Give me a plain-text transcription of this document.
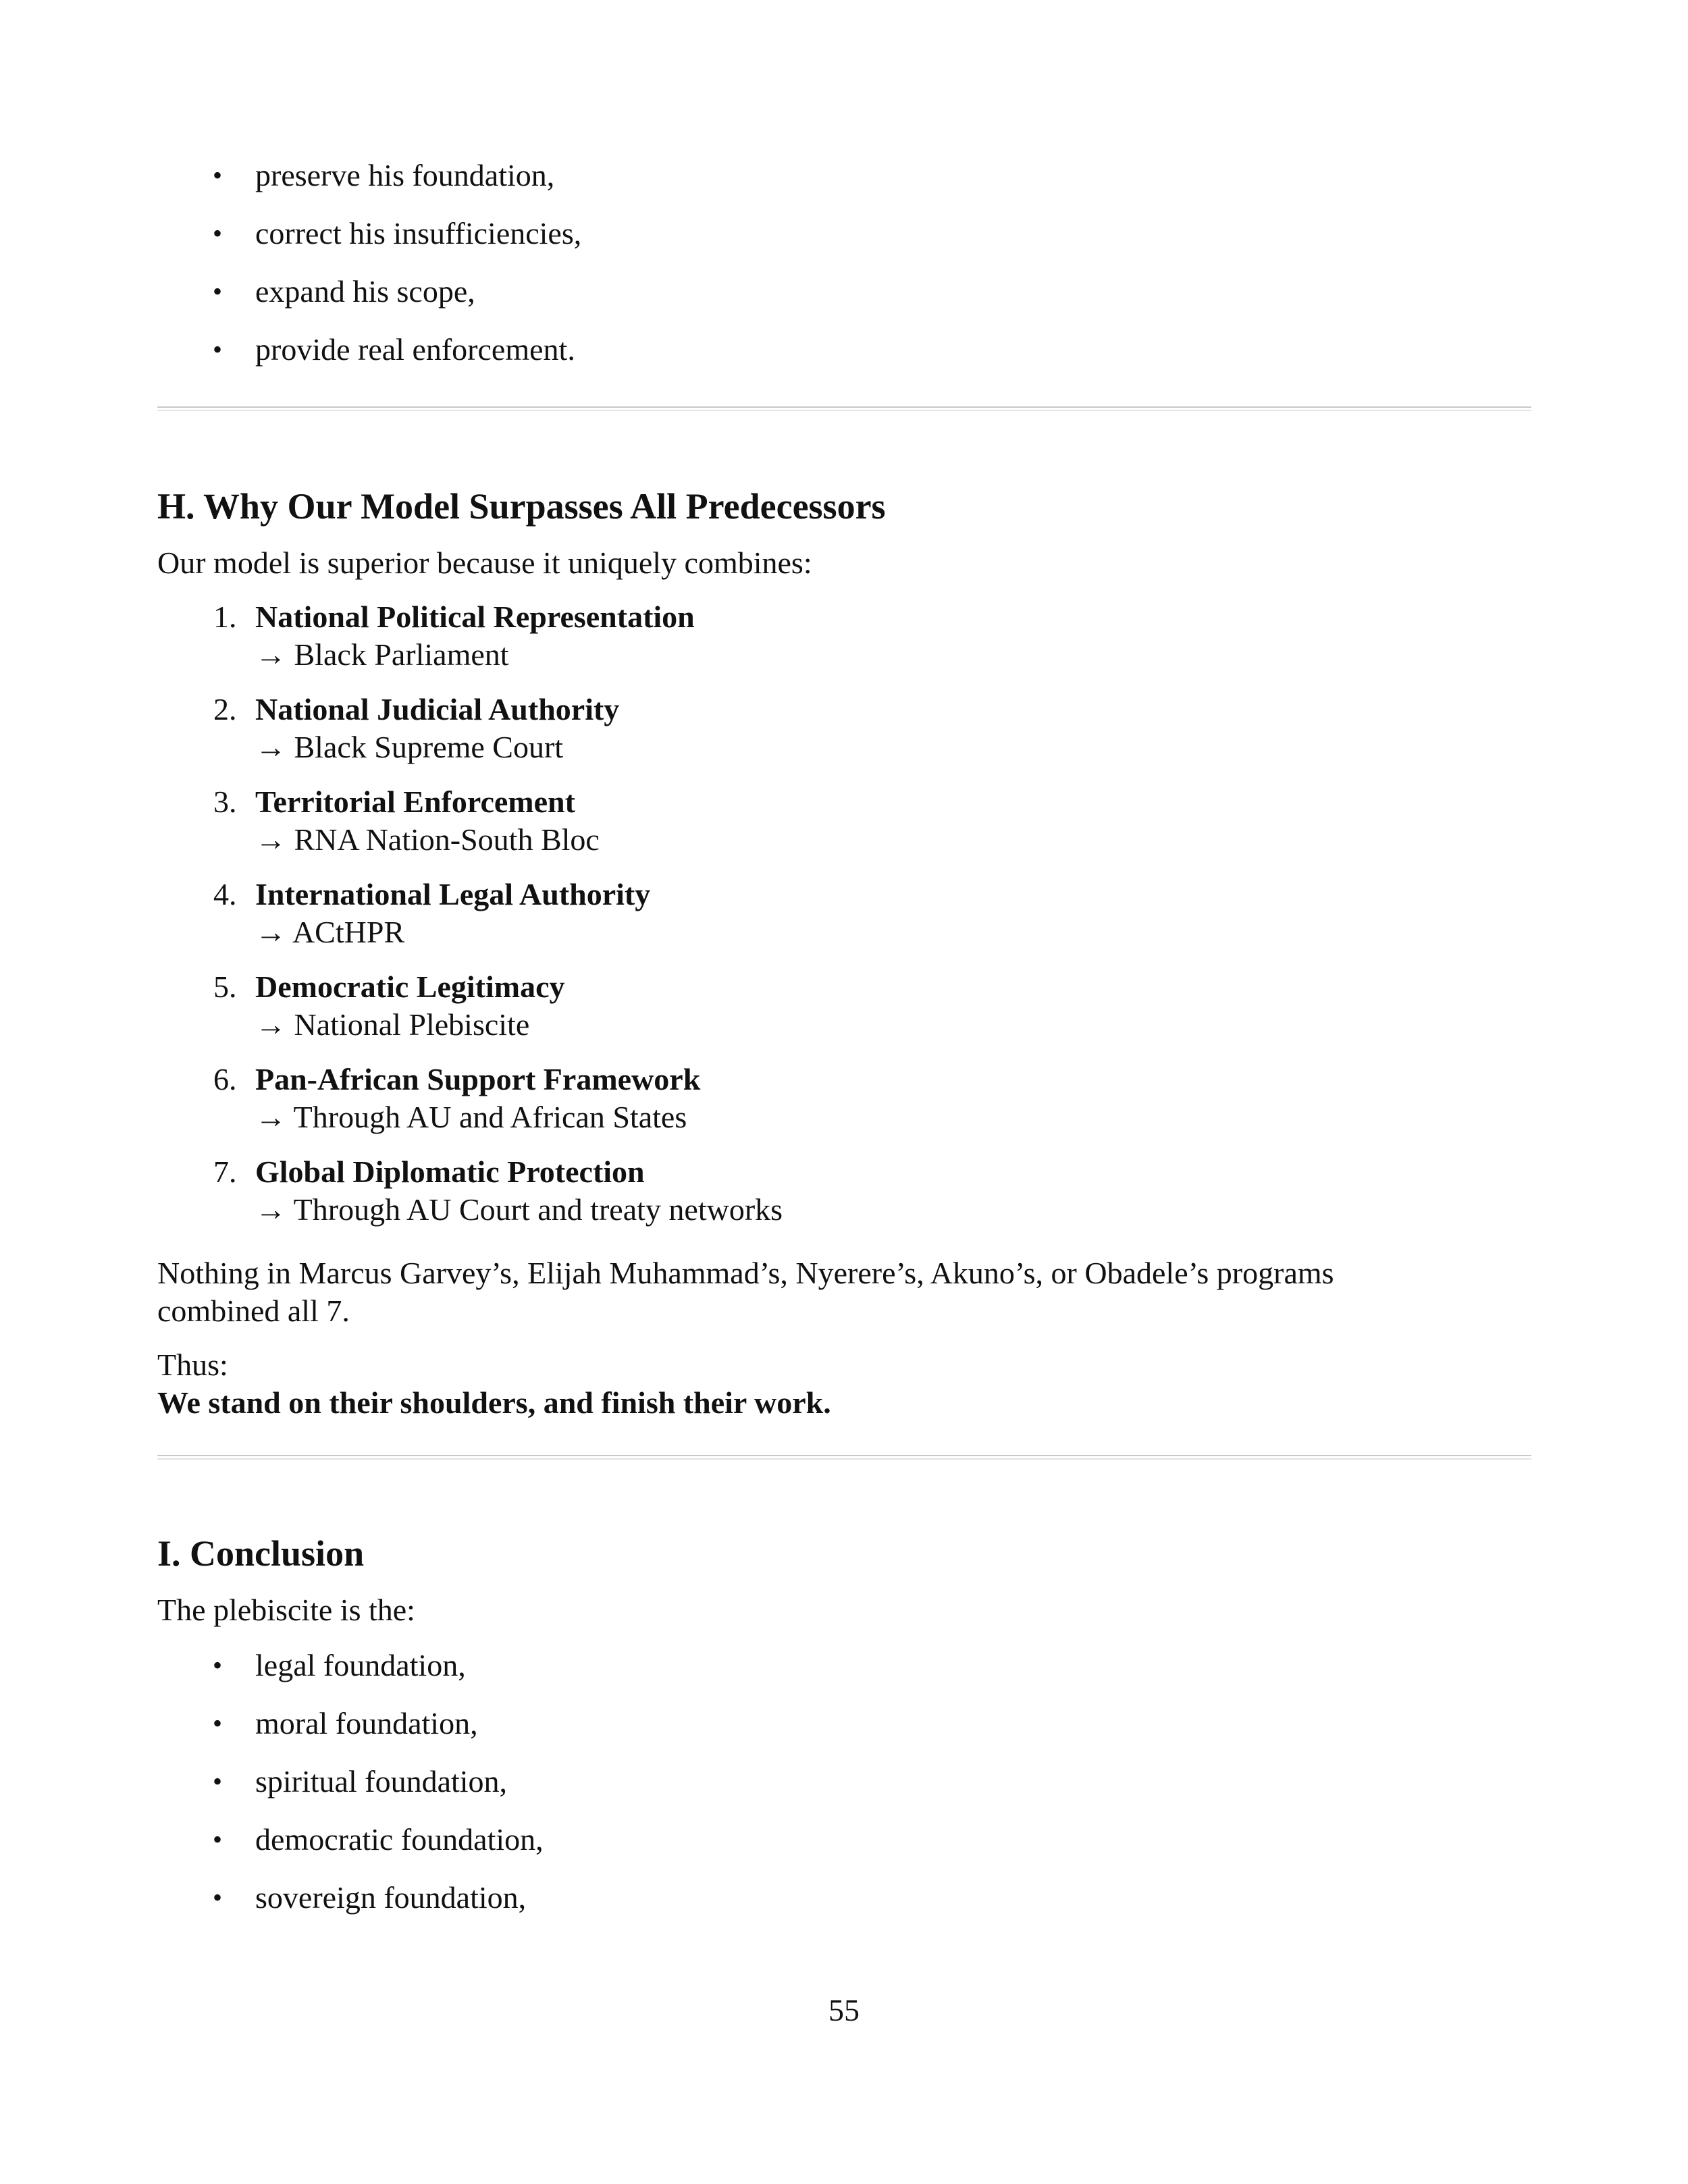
• preserve his foundation,
• correct his insufficiencies,
• expand his scope,
• provide real enforcement.
H. Why Our Model Surpasses All Predecessors

Our model is superior because it uniquely combines:

1. National Political Representation
→ Black Parliament
2. National Judicial Authority
→ Black Supreme Court
3. Territorial Enforcement
→ RNA Nation-South Bloc
4. International Legal Authority
→ ACtHPR
5. Democratic Legitimacy
→ National Plebiscite
6. Pan-African Support Framework
→ Through AU and African States
7. Global Diplomatic Protection
→ Through AU Court and treaty networks

Nothing in Marcus Garvey’s, Elijah Muhammad’s, Nyerere’s, Akuno’s, or Obadele’s programs
combined all 7.

Thus:
We stand on their shoulders, and finish their work.

I. Conclusion

The plebiscite is the:

• legal foundation,
• moral foundation,
• spiritual foundation,
• democratic foundation,
• sovereign foundation,
55
